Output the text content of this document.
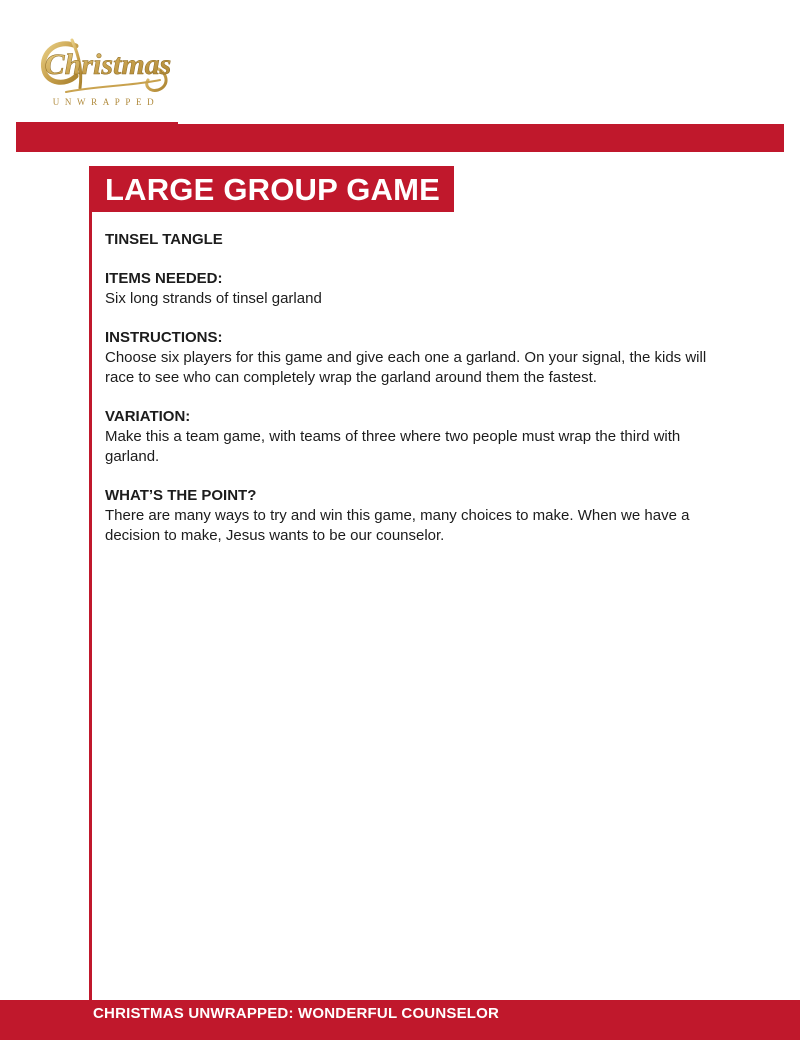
Christmas
UNWRAPPED
LARGE GROUP GAME

TINSEL TANGLE

ITEMS NEEDED:

Six long strands of tinsel garland

INSTRUCTIONS:

Choose six players for this game and give each one a garland. On your signal, the kids will race to see who can completely wrap the garland around them the fastest.

VARIATION:

Make this a team game, with teams of three where two people must wrap the third with garland.

WHAT’S THE POINT?

There are many ways to try and win this game, many choices to make. When we have a decision to make, Jesus wants to be our counselor.

CHRISTMAS UNWRAPPED: WONDERFUL COUNSELOR
